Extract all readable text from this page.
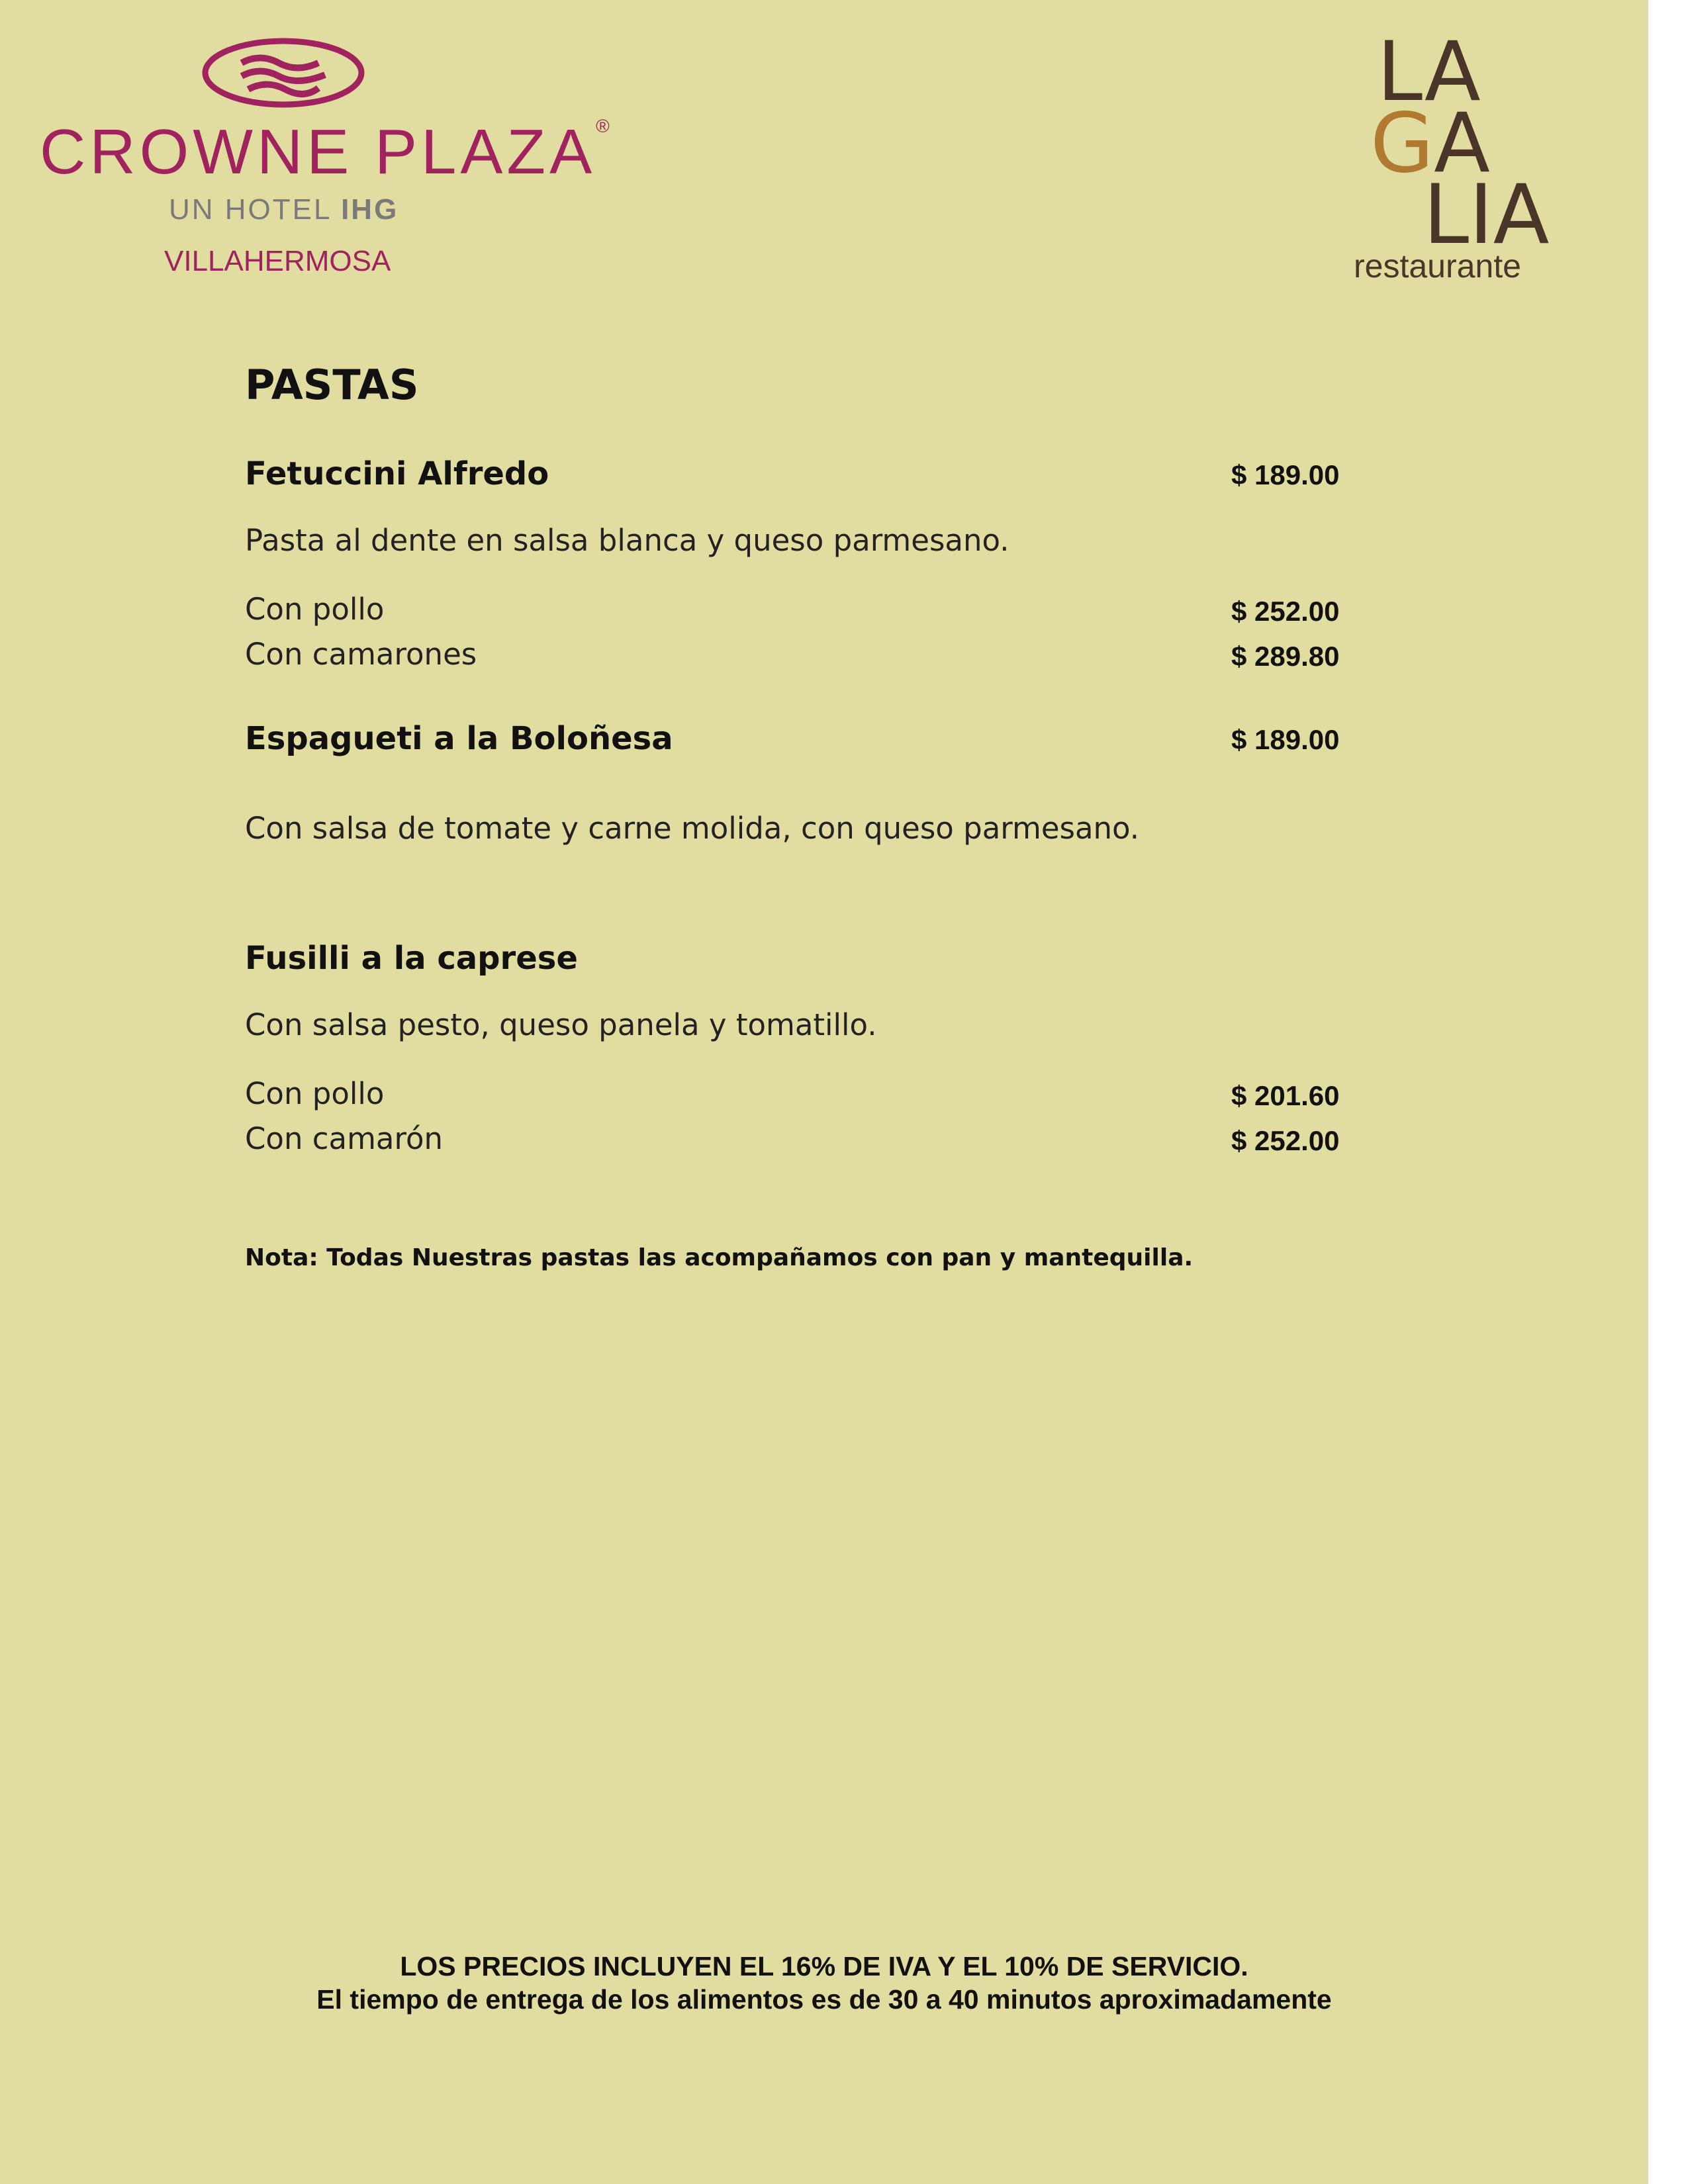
CROWNE PLAZA®
UN HOTEL IHG
VILLAHERMOSA
LA
GA
LIA
restaurante
PASTAS
Fetuccini Alfredo	$ 189.00
Pasta al dente en salsa blanca y queso parmesano.
Con pollo	$ 252.00
Con camarones	$ 289.80
Espagueti a la Boloñesa	$ 189.00
Con salsa de tomate y carne molida, con queso parmesano.
Fusilli a la caprese
Con salsa pesto, queso panela y tomatillo.
Con pollo	$ 201.60
Con camarón	$ 252.00
Nota: Todas Nuestras pastas las acompañamos con pan y mantequilla.
LOS PRECIOS INCLUYEN EL 16% DE IVA Y EL 10% DE SERVICIO.
El tiempo de entrega de los alimentos es de 30 a 40 minutos aproximadamente
